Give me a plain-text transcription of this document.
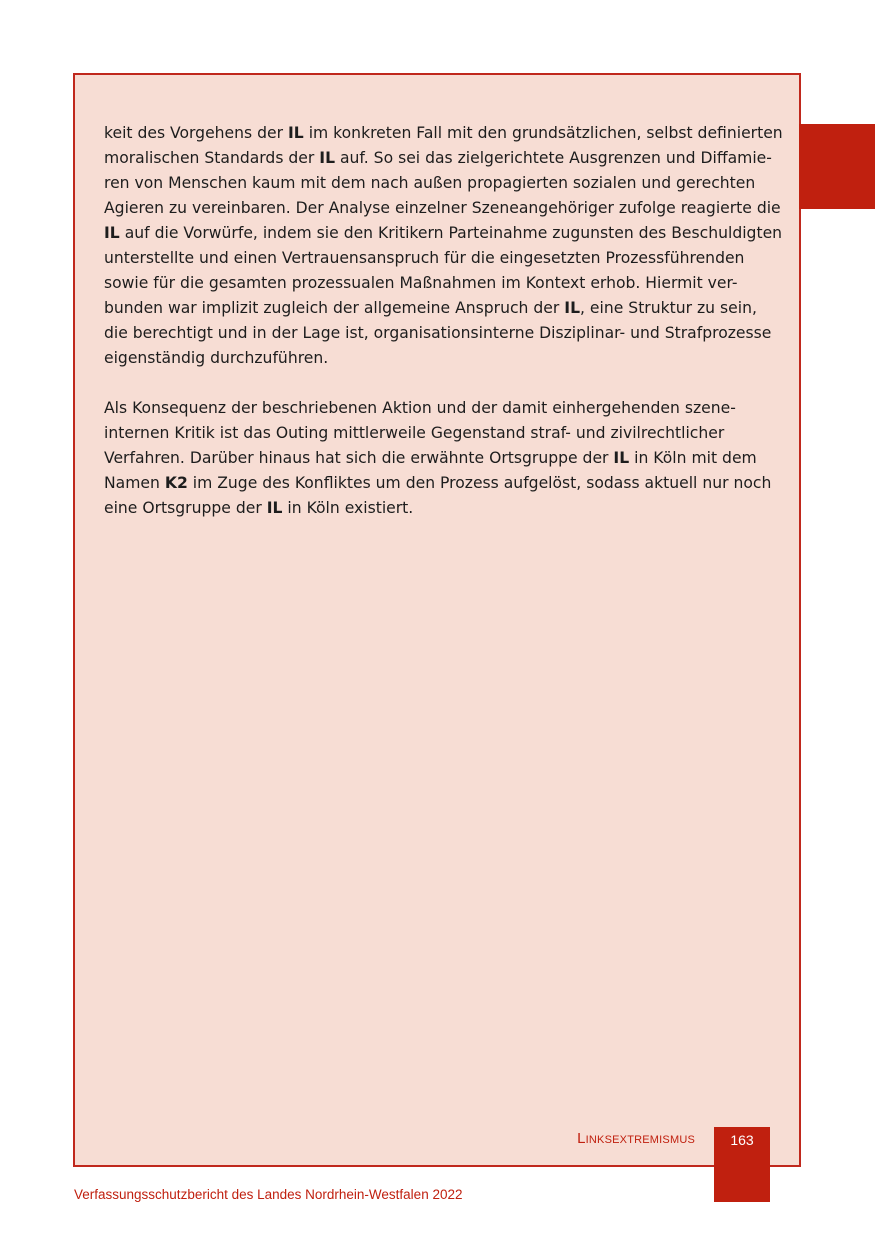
keit des Vorgehens der IL im konkreten Fall mit den grundsätzlichen, selbst definierten
moralischen Standards der IL auf. So sei das zielgerichtete Ausgrenzen und Diffamie-
ren von Menschen kaum mit dem nach außen propagierten sozialen und gerechten
Agieren zu vereinbaren. Der Analyse einzelner Szeneangehöriger zufolge reagierte die
IL auf die Vorwürfe, indem sie den Kritikern Parteinahme zugunsten des Beschuldigten
unterstellte und einen Vertrauensanspruch für die eingesetzten Prozessführenden
sowie für die gesamten prozessualen Maßnahmen im Kontext erhob. Hiermit ver-
bunden war implizit zugleich der allgemeine Anspruch der IL, eine Struktur zu sein,
die berechtigt und in der Lage ist, organisationsinterne Disziplinar- und Strafprozesse
eigenständig durchzuführen.

Als Konsequenz der beschriebenen Aktion und der damit einhergehenden szene-
internen Kritik ist das Outing mittlerweile Gegenstand straf- und zivilrechtlicher
Verfahren. Darüber hinaus hat sich die erwähnte Ortsgruppe der IL in Köln mit dem
Namen K2 im Zuge des Konfliktes um den Prozess aufgelöst, sodass aktuell nur noch
eine Ortsgruppe der IL in Köln existiert.

Linksextremismus	163
Verfassungsschutzbericht des Landes Nordrhein-Westfalen 2022
